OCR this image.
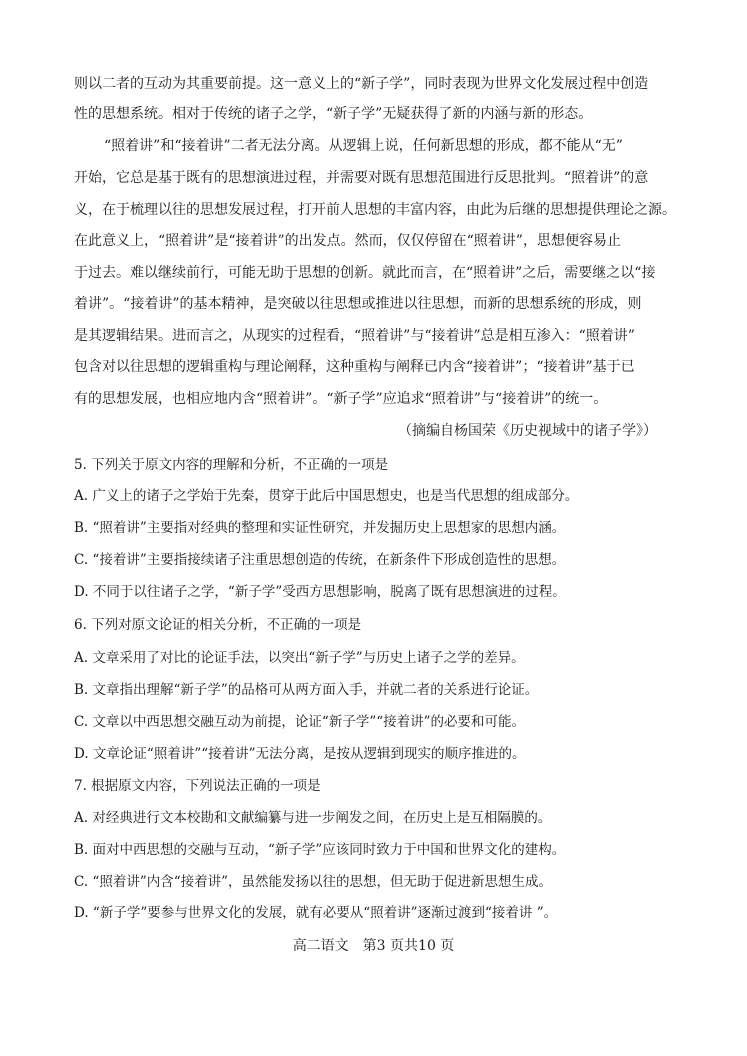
则以二者的互动为其重要前提。这一意义上的“新子学”，同时表现为世界文化发展过程中创造
性的思想系统。相对于传统的诸子之学，“新子学”无疑获得了新的内涵与新的形态。
“照着讲”和“接着讲”二者无法分离。从逻辑上说，任何新思想的形成，都不能从“无”
开始，它总是基于既有的思想演进过程，并需要对既有思想范围进行反思批判。“照着讲”的意
义，在于梳理以往的思想发展过程，打开前人思想的丰富内容，由此为后继的思想提供理论之源。
在此意义上，“照着讲”是“接着讲”的出发点。然而，仅仅停留在“照着讲”，思想便容易止
于过去。难以继续前行，可能无助于思想的创新。就此而言，在“照着讲”之后，需要继之以“接
着讲”。“接着讲”的基本精神，是突破以往思想或推进以往思想，而新的思想系统的形成，则
是其逻辑结果。进而言之，从现实的过程看，“照着讲”与“接着讲”总是相互渗入：“照着讲”
包含对以往思想的逻辑重构与理论阐释，这种重构与阐释已内含“接着讲”；“接着讲”基于已
有的思想发展，也相应地内含“照着讲”。“新子学”应追求“照着讲”与“接着讲”的统一。
（摘编自杨国荣《历史视域中的诸子学》）
5. 下列关于原文内容的理解和分析，不正确的一项是
A. 广义上的诸子之学始于先秦，贯穿于此后中国思想史，也是当代思想的组成部分。
B. “照着讲”主要指对经典的整理和实证性研究，并发掘历史上思想家的思想内涵。
C. “接着讲”主要指接续诸子注重思想创造的传统，在新条件下形成创造性的思想。
D. 不同于以往诸子之学，“新子学”受西方思想影响，脱离了既有思想演进的过程。
6. 下列对原文论证的相关分析，不正确的一项是
A. 文章采用了对比的论证手法，以突出“新子学”与历史上诸子之学的差异。
B. 文章指出理解“新子学”的品格可从两方面入手，并就二者的关系进行论证。
C. 文章以中西思想交融互动为前提，论证“新子学”“接着讲”的必要和可能。
D. 文章论证“照着讲”“接着讲”无法分离，是按从逻辑到现实的顺序推进的。
7. 根据原文内容，下列说法正确的一项是
A. 对经典进行文本校勘和文献编纂与进一步阐发之间，在历史上是互相隔膜的。
B. 面对中西思想的交融与互动，“新子学”应该同时致力于中国和世界文化的建构。
C. “照着讲”内含“接着讲”，虽然能发扬以往的思想，但无助于促进新思想生成。
D. “新子学”要参与世界文化的发展，就有必要从“照着讲”逐渐过渡到“接着讲 ”。
高二语文　第3 页共10 页
